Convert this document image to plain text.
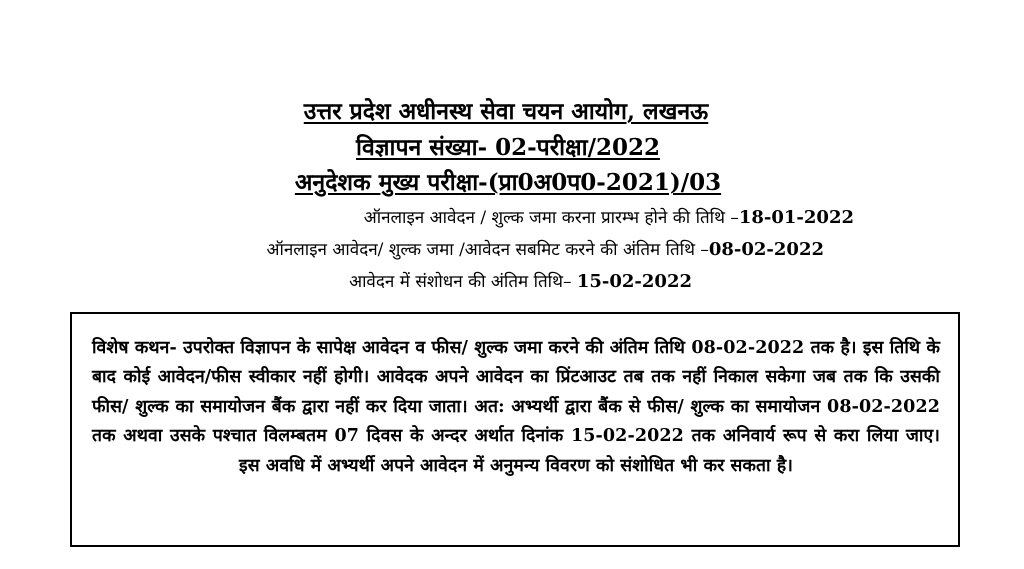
उत्तर प्रदेश अधीनस्थ सेवा चयन आयोग, लखनऊ
विज्ञापन संख्या- 02-परीक्षा/2022
अनुदेशक मुख्य परीक्षा-(प्रा0अ0प0-2021)/03
ऑनलाइन आवेदन / शुल्क जमा करना प्रारम्भ होने की तिथि –18-01-2022
ऑनलाइन आवेदन/ शुल्क जमा /आवेदन सबमिट करने की अंतिम तिथि –08-02-2022
आवेदन में संशोधन की अंतिम तिथि– 15-02-2022
विशेष कथन- उपरोक्त विज्ञापन के सापेक्ष आवेदन व फीस/ शुल्क जमा करने की अंतिम तिथि 08-02-2022 तक है। इस तिथि के बाद कोई आवेदन/फीस स्वीकार नहीं होगी। आवेदक अपने आवेदन का प्रिंटआउट तब तक नहीं निकाल सकेगा जब तक कि उसकी फीस/ शुल्क का समायोजन बैंक द्वारा नहीं कर दिया जाता। अत: अभ्यर्थी द्वारा बैंक से फीस/ शुल्क का समायोजन 08-02-2022 तक अथवा उसके पश्चात विलम्बतम 07 दिवस के अन्दर अर्थात दिनांक 15-02-2022 तक अनिवार्य रूप से करा लिया जाए। इस अवधि में अभ्यर्थी अपने आवेदन में अनुमन्य विवरण को संशोधित भी कर सकता है।
